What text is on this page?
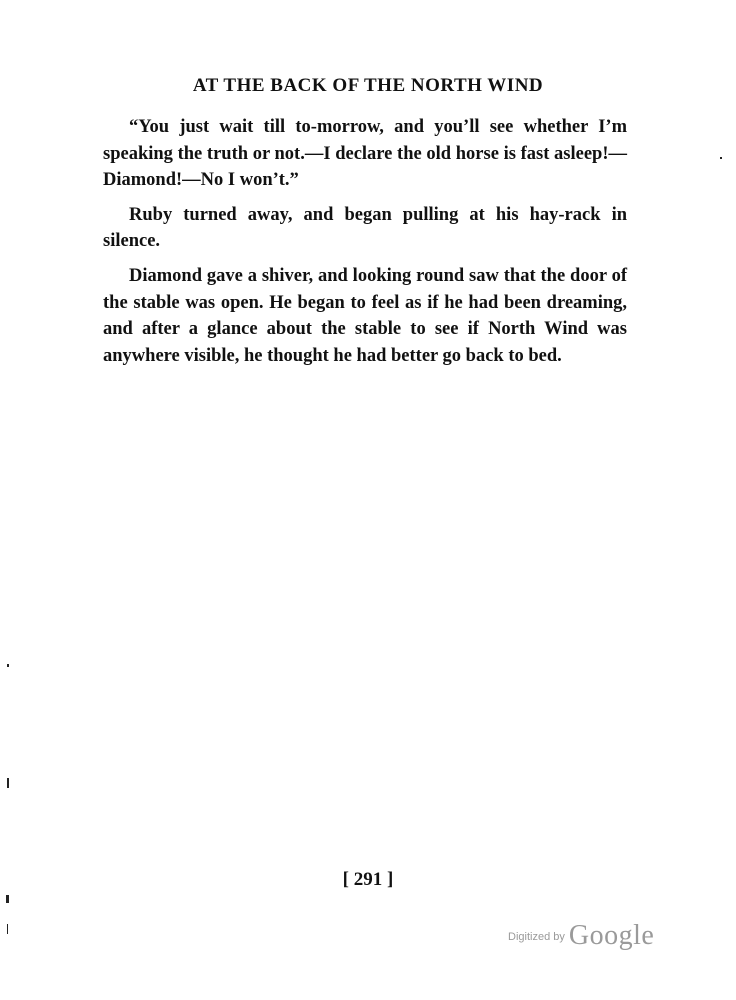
AT THE BACK OF THE NORTH WIND

“You just wait till to-morrow, and you’ll see whether I’m speaking the truth or not.—I declare the old horse is fast asleep!—Diamond!—No I won’t.”

Ruby turned away, and began pulling at his hay-rack in silence.

Diamond gave a shiver, and looking round saw that the door of the stable was open. He began to feel as if he had been dreaming, and after a glance about the stable to see if North Wind was anywhere visible, he thought he had better go back to bed.

[ 291 ]
$^{Digitized by}$ Google
